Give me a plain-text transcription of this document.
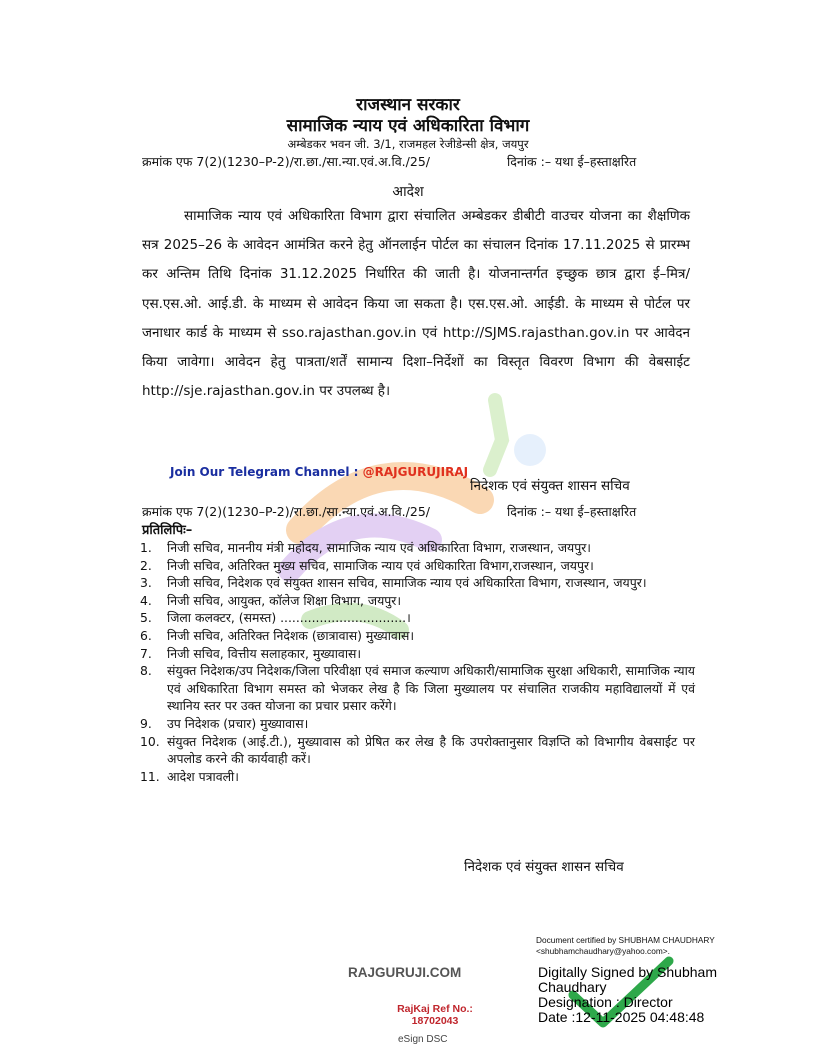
राजस्थान सरकार
सामाजिक न्याय एवं अधिकारिता विभाग
अम्बेडकर भवन जी. 3/1, राजमहल रेजीडेन्सी क्षेत्र, जयपुर
क्रमांक एफ 7(2)(1230–P-2)/रा.छा./सा.न्या.एवं.अ.वि./25/	दिनांक :– यथा ई–हस्ताक्षरित
आदेश
सामाजिक न्याय एवं अधिकारिता विभाग द्वारा संचालित अम्बेडकर डीबीटी वाउचर योजना का शैक्षणिक सत्र 2025–26 के आवेदन आमंत्रित करने हेतु ऑनलाईन पोर्टल का संचालन दिनांक 17.11.2025 से प्रारम्भ कर अन्तिम तिथि दिनांक 31.12.2025 निर्धारित की जाती है। योजनान्तर्गत इच्छुक छात्र द्वारा ई–मित्र/एस.एस.ओ. आई.डी. के माध्यम से आवेदन किया जा सकता है। एस.एस.ओ. आईडी. के माध्यम से पोर्टल पर जनाधार कार्ड के माध्यम से sso.rajasthan.gov.in एवं http://SJMS.rajasthan.gov.in पर आवेदन किया जावेगा। आवेदन हेतु पात्रता/शर्तें सामान्य दिशा–निर्देशों का विस्तृत विवरण विभाग की वेबसाईट http://sje.rajasthan.gov.in पर उपलब्ध है।
Join Our Telegram Channel : @RAJGURUJIRAJ
निदेशक एवं संयुक्त शासन सचिव
क्रमांक एफ 7(2)(1230–P-2)/रा.छा./सा.न्या.एवं.अ.वि./25/	दिनांक :– यथा ई–हस्ताक्षरित
प्रतिलिपिः–
1. निजी सचिव, माननीय मंत्री महोदय, सामाजिक न्याय एवं अधिकारिता विभाग, राजस्थान, जयपुर।
2. निजी सचिव, अतिरिक्त मुख्य सचिव, सामाजिक न्याय एवं अधिकारिता विभाग,राजस्थान, जयपुर।
3. निजी सचिव, निदेशक एवं संयुक्त शासन सचिव, सामाजिक न्याय एवं अधिकारिता विभाग, राजस्थान, जयपुर।
4. निजी सचिव, आयुक्त, कॉलेज शिक्षा विभाग, जयपुर।
5. जिला कलक्टर, (समस्त) ................................।
6. निजी सचिव, अतिरिक्त निदेशक (छात्रावास) मुख्यावास।
7. निजी सचिव, वित्तीय सलाहकार, मुख्यावास।
8. संयुक्त निदेशक/उप निदेशक/जिला परिवीक्षा एवं समाज कल्याण अधिकारी/सामाजिक सुरक्षा अधिकारी, सामाजिक न्याय एवं अधिकारिता विभाग समस्त को भेजकर लेख है कि जिला मुख्यालय पर संचालित राजकीय महाविद्यालयों में एवं स्थानिय स्तर पर उक्त योजना का प्रचार प्रसार करेंगे।
9. उप निदेशक (प्रचार) मुख्यावास।
10. संयुक्त निदेशक (आई.टी.), मुख्यावास को प्रेषित कर लेख है कि उपरोक्तानुसार विज्ञप्ति को विभागीय वेबसाईट पर अपलोड करने की कार्यवाही करें।
11. आदेश पत्रावली।
निदेशक एवं संयुक्त शासन सचिव
RAJGURUJI.COM
RajKaj Ref No.:
18702043
eSign DSC
Document certified by SHUBHAM CHAUDHARY
<shubhamchaudhary@yahoo.com>.
Digitally Signed by Shubham
Chaudhary
Designation : Director
Date :12-11-2025 04:48:48
